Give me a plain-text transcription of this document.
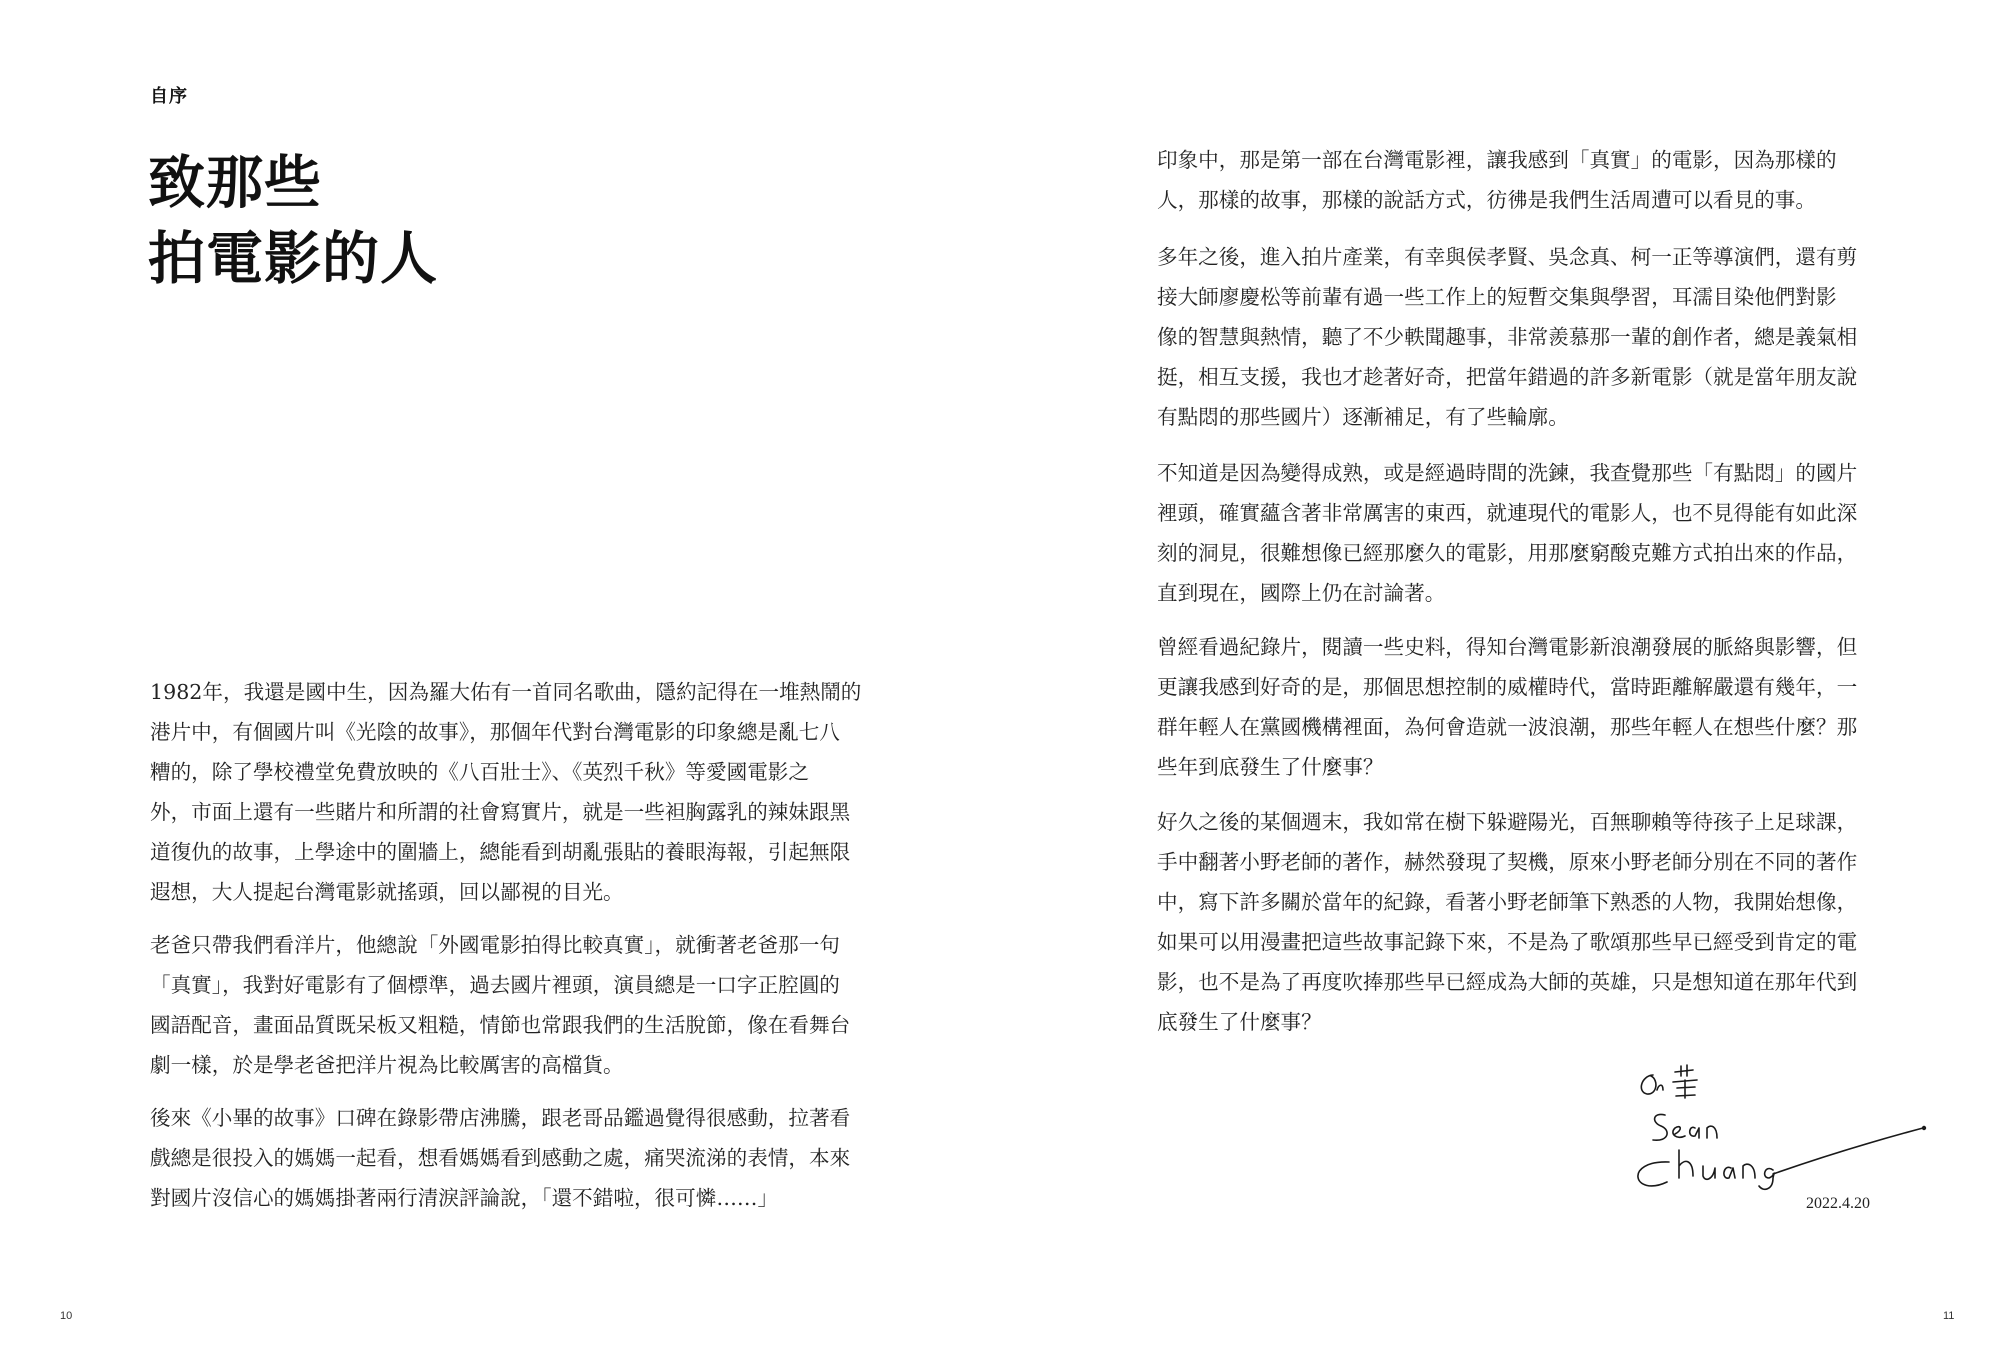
自序
致那些
拍電影的人
1982年，我還是國中生，因為羅大佑有一首同名歌曲，隱約記得在一堆熱鬧的
港片中，有個國片叫《光陰的故事》，那個年代對台灣電影的印象總是亂七八
糟的，除了學校禮堂免費放映的《八百壯士》、《英烈千秋》等愛國電影之
外，市面上還有一些賭片和所謂的社會寫實片，就是一些袒胸露乳的辣妹跟黑
道復仇的故事，上學途中的圍牆上，總能看到胡亂張貼的養眼海報，引起無限
遐想，大人提起台灣電影就搖頭，回以鄙視的目光。
老爸只帶我們看洋片，他總說「外國電影拍得比較真實」，就衝著老爸那一句
「真實」，我對好電影有了個標準，過去國片裡頭，演員總是一口字正腔圓的
國語配音，畫面品質既呆板又粗糙，情節也常跟我們的生活脫節，像在看舞台
劇一樣，於是學老爸把洋片視為比較厲害的高檔貨。
後來《小畢的故事》口碑在錄影帶店沸騰，跟老哥品鑑過覺得很感動，拉著看
戲總是很投入的媽媽一起看，想看媽媽看到感動之處，痛哭流涕的表情，本來
對國片沒信心的媽媽掛著兩行清淚評論說，「還不錯啦，很可憐……」
10
印象中，那是第一部在台灣電影裡，讓我感到「真實」的電影，因為那樣的
人，那樣的故事，那樣的說話方式，彷彿是我們生活周遭可以看見的事。
多年之後，進入拍片產業，有幸與侯孝賢、吳念真、柯一正等導演們，還有剪
接大師廖慶松等前輩有過一些工作上的短暫交集與學習，耳濡目染他們對影
像的智慧與熱情，聽了不少軼聞趣事，非常羨慕那一輩的創作者，總是義氣相
挺，相互支援，我也才趁著好奇，把當年錯過的許多新電影（就是當年朋友說
有點悶的那些國片）逐漸補足，有了些輪廓。
不知道是因為變得成熟，或是經過時間的洗鍊，我查覺那些「有點悶」的國片
裡頭，確實蘊含著非常厲害的東西，就連現代的電影人，也不見得能有如此深
刻的洞見，很難想像已經那麼久的電影，用那麼窮酸克難方式拍出來的作品，
直到現在，國際上仍在討論著。
曾經看過紀錄片，閱讀一些史料，得知台灣電影新浪潮發展的脈絡與影響，但
更讓我感到好奇的是，那個思想控制的威權時代，當時距離解嚴還有幾年，一
群年輕人在黨國機構裡面，為何會造就一波浪潮，那些年輕人在想些什麼？那
些年到底發生了什麼事？
好久之後的某個週末，我如常在樹下躲避陽光，百無聊賴等待孩子上足球課，
手中翻著小野老師的著作，赫然發現了契機，原來小野老師分別在不同的著作
中，寫下許多關於當年的紀錄，看著小野老師筆下熟悉的人物，我開始想像，
如果可以用漫畫把這些故事記錄下來，不是為了歌頌那些早已經受到肯定的電
影，也不是為了再度吹捧那些早已經成為大師的英雄，只是想知道在那年代到
底發生了什麼事？
2022.4.20
11
